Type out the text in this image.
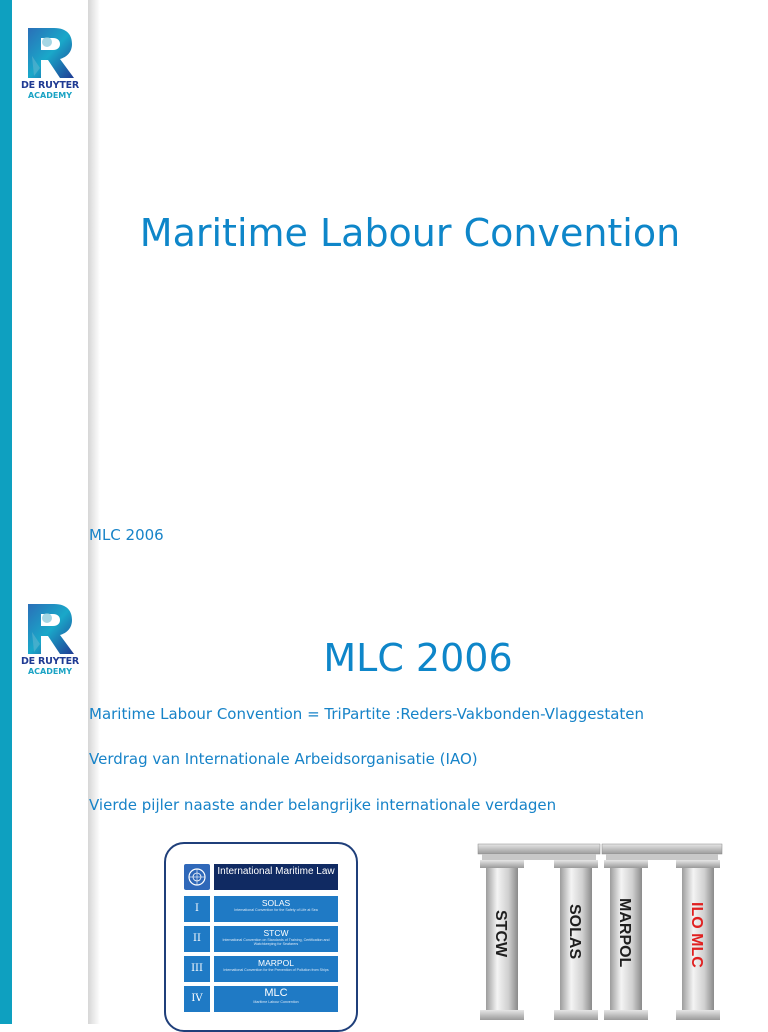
DE RUYTER
ACADEMY
Maritime Labour Convention
MLC 2006
DE RUYTER
ACADEMY	MLC 2006
Maritime Labour Convention = TriPartite :Reders-Vakbonden-Vlaggestaten
Verdrag van Internationale Arbeidsorganisatie (IAO)
Vierde pijler naaste ander belangrijke internationale verdagen
International Maritime Law
I	SOLAS
International Convention for the Safety of Life at Sea
II	STCW
International Convention on Standards of Training, Certification and Watchkeeping for Seafarers
III	MARPOL
International Convention for the Prevention of Pollution from Ships
IV	MLC
Maritime Labour Convention
STCW	SOLAS MARPOL	ILO MLC
